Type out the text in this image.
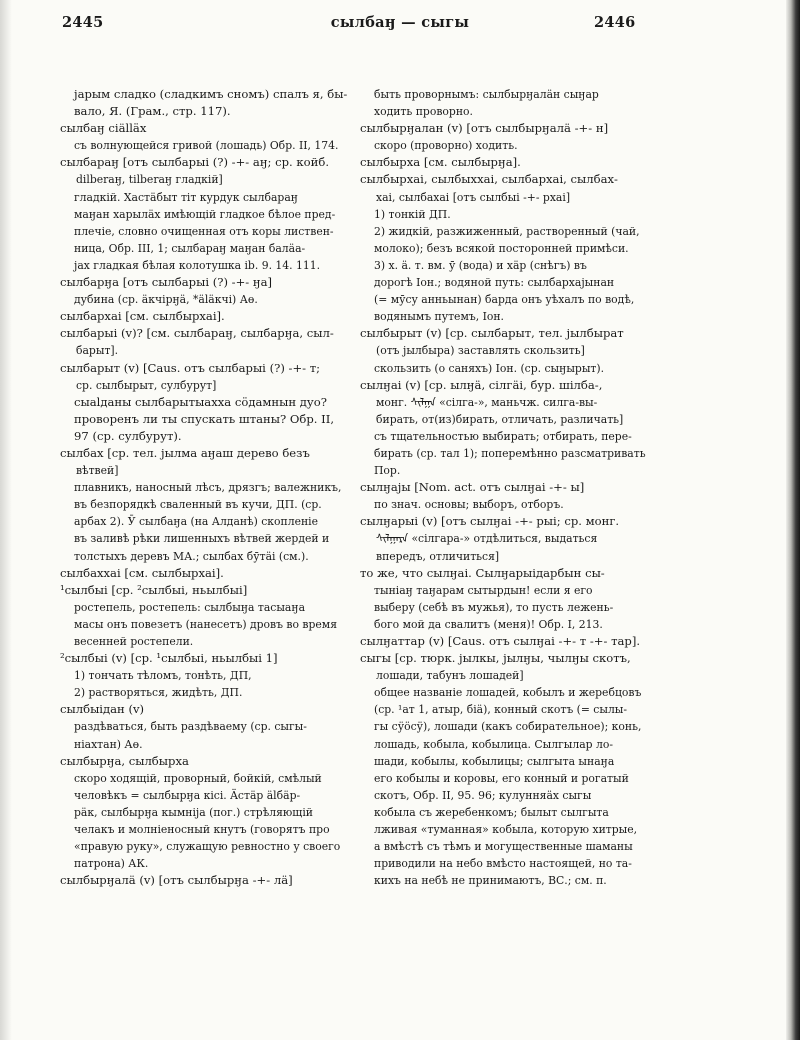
2445	сылбаӈ — сыгы	2446
jарым сладко (сладкимъ сномъ) спалъ я, бы-
вало, Я. (Грам., стр. 117).
сылбаӈ сіällӓх
съ волнующейся гривой (лошадь) Обр. II, 174.
сылбараӈ [отъ сылбарыі (?) -+- аӈ; ср. койб.
dilberaӈ, tilberaӈ гладкій]
гладкій. Хастäбыт тіт курдук сылбараӈ
маӈан харылäх имѣющій гладкое бѣлое пред-
плечіе, словно очищенная отъ коры листвен-
ница, Обр. III, 1; сылбараӈ маӈан балäа-
jах гладкая бѣлая колотушка ib. 9. 14. 111.
сылбарӈа [отъ сылбарыі (?) -+- ӈа]
дубина (ср. äкчірӈä, *äläкчі) Аө.
сылбархаі [см. сылбырхаі].
сылбарыі (v)? [см. сылбараӈ, сылбарӈа, сыл-
барыт].
сылбарыт (v) [Caus. отъ сылбарыі (?) -+- т;
ср. сылбырыт, сулбурут]
сыаlданы сылбарытыаххa сӧдамнын дуо?
проворенъ ли ты спускать штаны? Обр. II,
97 (ср. сулбурут).
сылбах [ср. тел. jылма аӈаш дерево безъ
вѣтвей]
плавникъ, наносный лѣсъ, дрязгъ; валежникъ,
въ безпорядкѣ сваленный въ кучи, ДП. (ср.
арбах 2). Ӯ сылбаӈа (на Алданѣ) скопленіе
въ заливѣ рѣки лишенныхъ вѣтвей жердей и
толстыхъ деревъ МА.; сылбах бӯтäі (см.).
сылбаххаі [см. сылбырхаі].
¹сылбыі [ср. ²сылбыі, ньылбыі]
ростепель, ростепель: сылбыӈа тасыаӈа
масы онъ повезетъ (нанесетъ) дровъ во время
весенней ростепели.
²сылбыі (v) [ср. ¹сылбыі, ньылбыі 1]
1) тончать тѣломъ, тонѣть, ДП,
2) растворяться, жидѣть, ДП.
сылбыідан (v)
раздѣваться, быть раздѣваему (ср. сыгы-
ніахтан) Аө.
сылбырӈа, сылбырха
скоро ходящій, проворный, бойкій, смѣлый
человѣкъ = сылбырӈа кісі. Äстäр älбäр-
рäк, сылбырӈа кымніjа (пог.) стрѣляющій
челакъ и молніеносный кнутъ (говорятъ про
«правую руку», служащую ревностно у своего
патрона) АК.
сылбырӈалä (v) [отъ сылбырӈа -+- лä]
быть проворнымъ: сылбырӈалäн сыӈар
ходить проворно.
сылбырӈалан (v) [отъ сылбырӈалä -+- н]
скоро (проворно) ходить.
сылбырха [см. сылбырӈа].
сылбырхаі, сылбыххаі, сылбархаі, сылбах-
хаі, сылбахаі [отъ сылбыі -+- рхаі]
1) тонкій ДП.
2) жидкій, разжиженный, растворенный (чай,
молоко); безъ всякой посторонней примѣси.
3) х. ä. т. вм. ӯ (вода) и хäр (снѣгъ) въ
дорогѣ Іон.; водяной путь: сылбархаjынан
(= мӯсу анньынан) барда онъ уѣхалъ по водѣ,
водянымъ путемъ, Іон.
сылбырыт (v) [ср. сылбарыт, тел. jылбырат
(отъ jылбыра) заставлять скользить]
скользить (о саняхъ) Іон. (ср. сыӈырыт).
сылӈаі (v) [ср. ылӈä, сілгäі, бур. шілба-,
монг. ᠰᠢᠯᠭᠠ «сілга-», маньчж. силга-вы-
бирать, от(из)бирать, отличать, различать]
съ тщательностью выбирать; отбирать, пере-
бирать (ср. тал 1); поперемѣнно разсматривать
Пор.
сылӈаjы [Nom. act. отъ сылӈаі -+- ы]
по знач. основы; выборъ, отборъ.
сылӈарыі (v) [отъ сылӈаі -+- рыі; ср. монг.
ᠰᠢᠯᠭᠠᠷᠠ «сілгара-» отдѣлиться, выдаться
впередъ, отличиться]
то же, что сылӈаі. Сылӈарыідарбын сы-
тыніаӈ таӈарам сытырдын! если я его
выберу (себѣ въ мужья), то пусть лежень-
бого мой да свалитъ (меня)! Обр. I, 213.
сылӈаттар (v) [Caus. отъ сылӈаі -+- т -+- тар].
сыгы [ср. тюрк. jылкы, jылӈы, чылӈы скотъ,
лошади, табунъ лошадей]
общее названіе лошадей, кобылъ и жеребцовъ
(ср. ¹ат 1, атыр, біä), конный скотъ (= сылы-
гы сӱöсӱ), лошади (какъ собирательное); конь,
лошадь, кобыла, кобылица. Сылгылар ло-
шади, кобылы, кобылицы; сылгыта ынаӈа
его кобылы и коровы, его конный и рогатый
скотъ, Обр. II, 95. 96; кулунняäх сыгы
кобыла съ жеребенкомъ; былыт сылгыта
лживая «туманная» кобыла, которую хитрые,
а вмѣстѣ съ тѣмъ и могущественные шаманы
приводили на небо вмѣсто настоящей, но та-
кихъ на небѣ не принимаютъ, ВС.; см. п.
